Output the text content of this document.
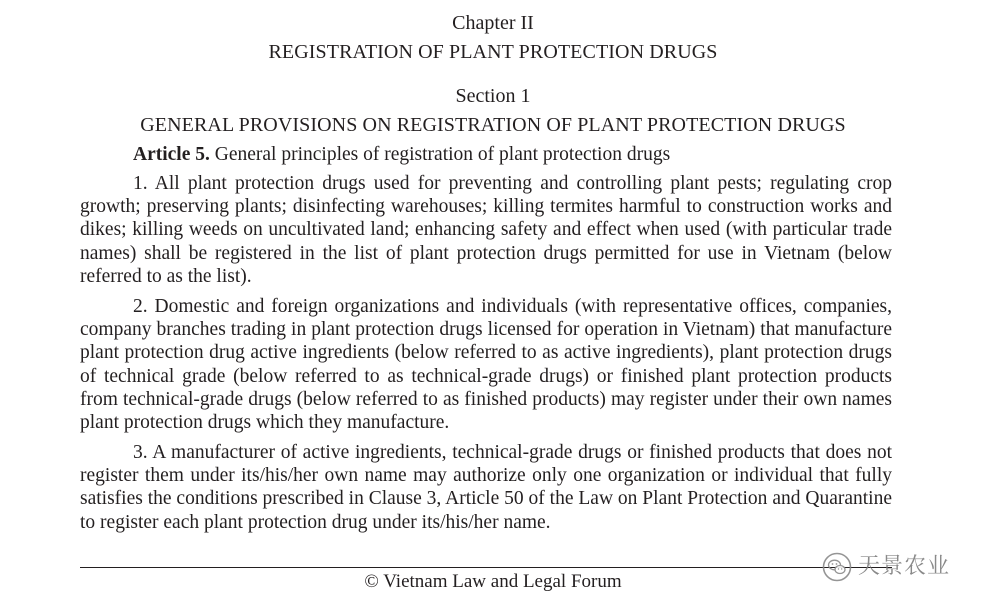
Chapter II
REGISTRATION OF PLANT PROTECTION DRUGS
Section 1
GENERAL PROVISIONS ON REGISTRATION OF PLANT PROTECTION DRUGS
Article 5. General principles of registration of plant protection drugs

1. All plant protection drugs used for preventing and controlling plant pests; regulating crop growth; preserving plants; disinfecting warehouses; killing termites harmful to construction works and dikes; killing weeds on uncultivated land; enhancing safety and effect when used (with particular trade names) shall be registered in the list of plant protection drugs permitted for use in Vietnam (below referred to as the list).

2. Domestic and foreign organizations and individuals (with representative offices, companies, company branches trading in plant protection drugs licensed for operation in Vietnam) that manufacture plant protection drug active ingredients (below referred to as active ingredients), plant protection drugs of technical grade (below referred to as technical-grade drugs) or finished plant protection products from technical-grade drugs (below referred to as finished products) may register under their own names plant protection drugs which they manufacture.

3. A manufacturer of active ingredients, technical-grade drugs or finished products that does not register them under its/his/her own name may authorize only one organization or individual that fully satisfies the conditions prescribed in Clause 3, Article 50 of the Law on Plant Protection and Quarantine to register each plant protection drug under its/his/her name.

© Vietnam Law and Legal Forum
天景农业
